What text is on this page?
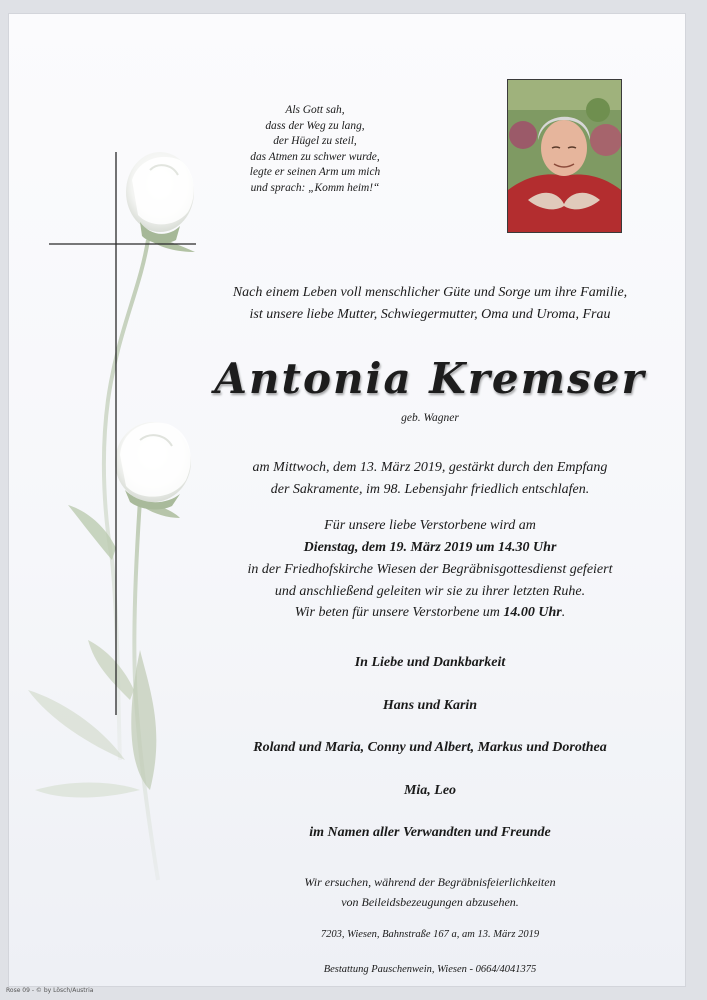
Als Gott sah,
dass der Weg zu lang,
der Hügel zu steil,
das Atmen zu schwer wurde,
legte er seinen Arm um mich
und sprach: „Komm heim!“
Nach einem Leben voll menschlicher Güte und Sorge um ihre Familie,
ist unsere liebe Mutter, Schwiegermutter, Oma und Uroma, Frau
Antonia Kremser
geb. Wagner
am Mittwoch, dem 13. März 2019, gestärkt durch den Empfang
der Sakramente, im 98. Lebensjahr friedlich entschlafen.
Für unsere liebe Verstorbene wird am
Dienstag, dem 19. März 2019 um 14.30 Uhr
in der Friedhofskirche Wiesen der Begräbnisgottesdienst gefeiert
und anschließend geleiten wir sie zu ihrer letzten Ruhe.
Wir beten für unsere Verstorbene um 14.00 Uhr.
In Liebe und Dankbarkeit
Hans und Karin
Roland und Maria, Conny und Albert, Markus und Dorothea
Mia, Leo
im Namen aller Verwandten und Freunde
Wir ersuchen, während der Begräbnisfeierlichkeiten
von Beileidsbezeugungen abzusehen.
7203, Wiesen, Bahnstraße 167 a, am 13. März 2019
Bestattung Pauschenwein, Wiesen - 0664/4041375
Rose 09 - © by Lösch/Austria
